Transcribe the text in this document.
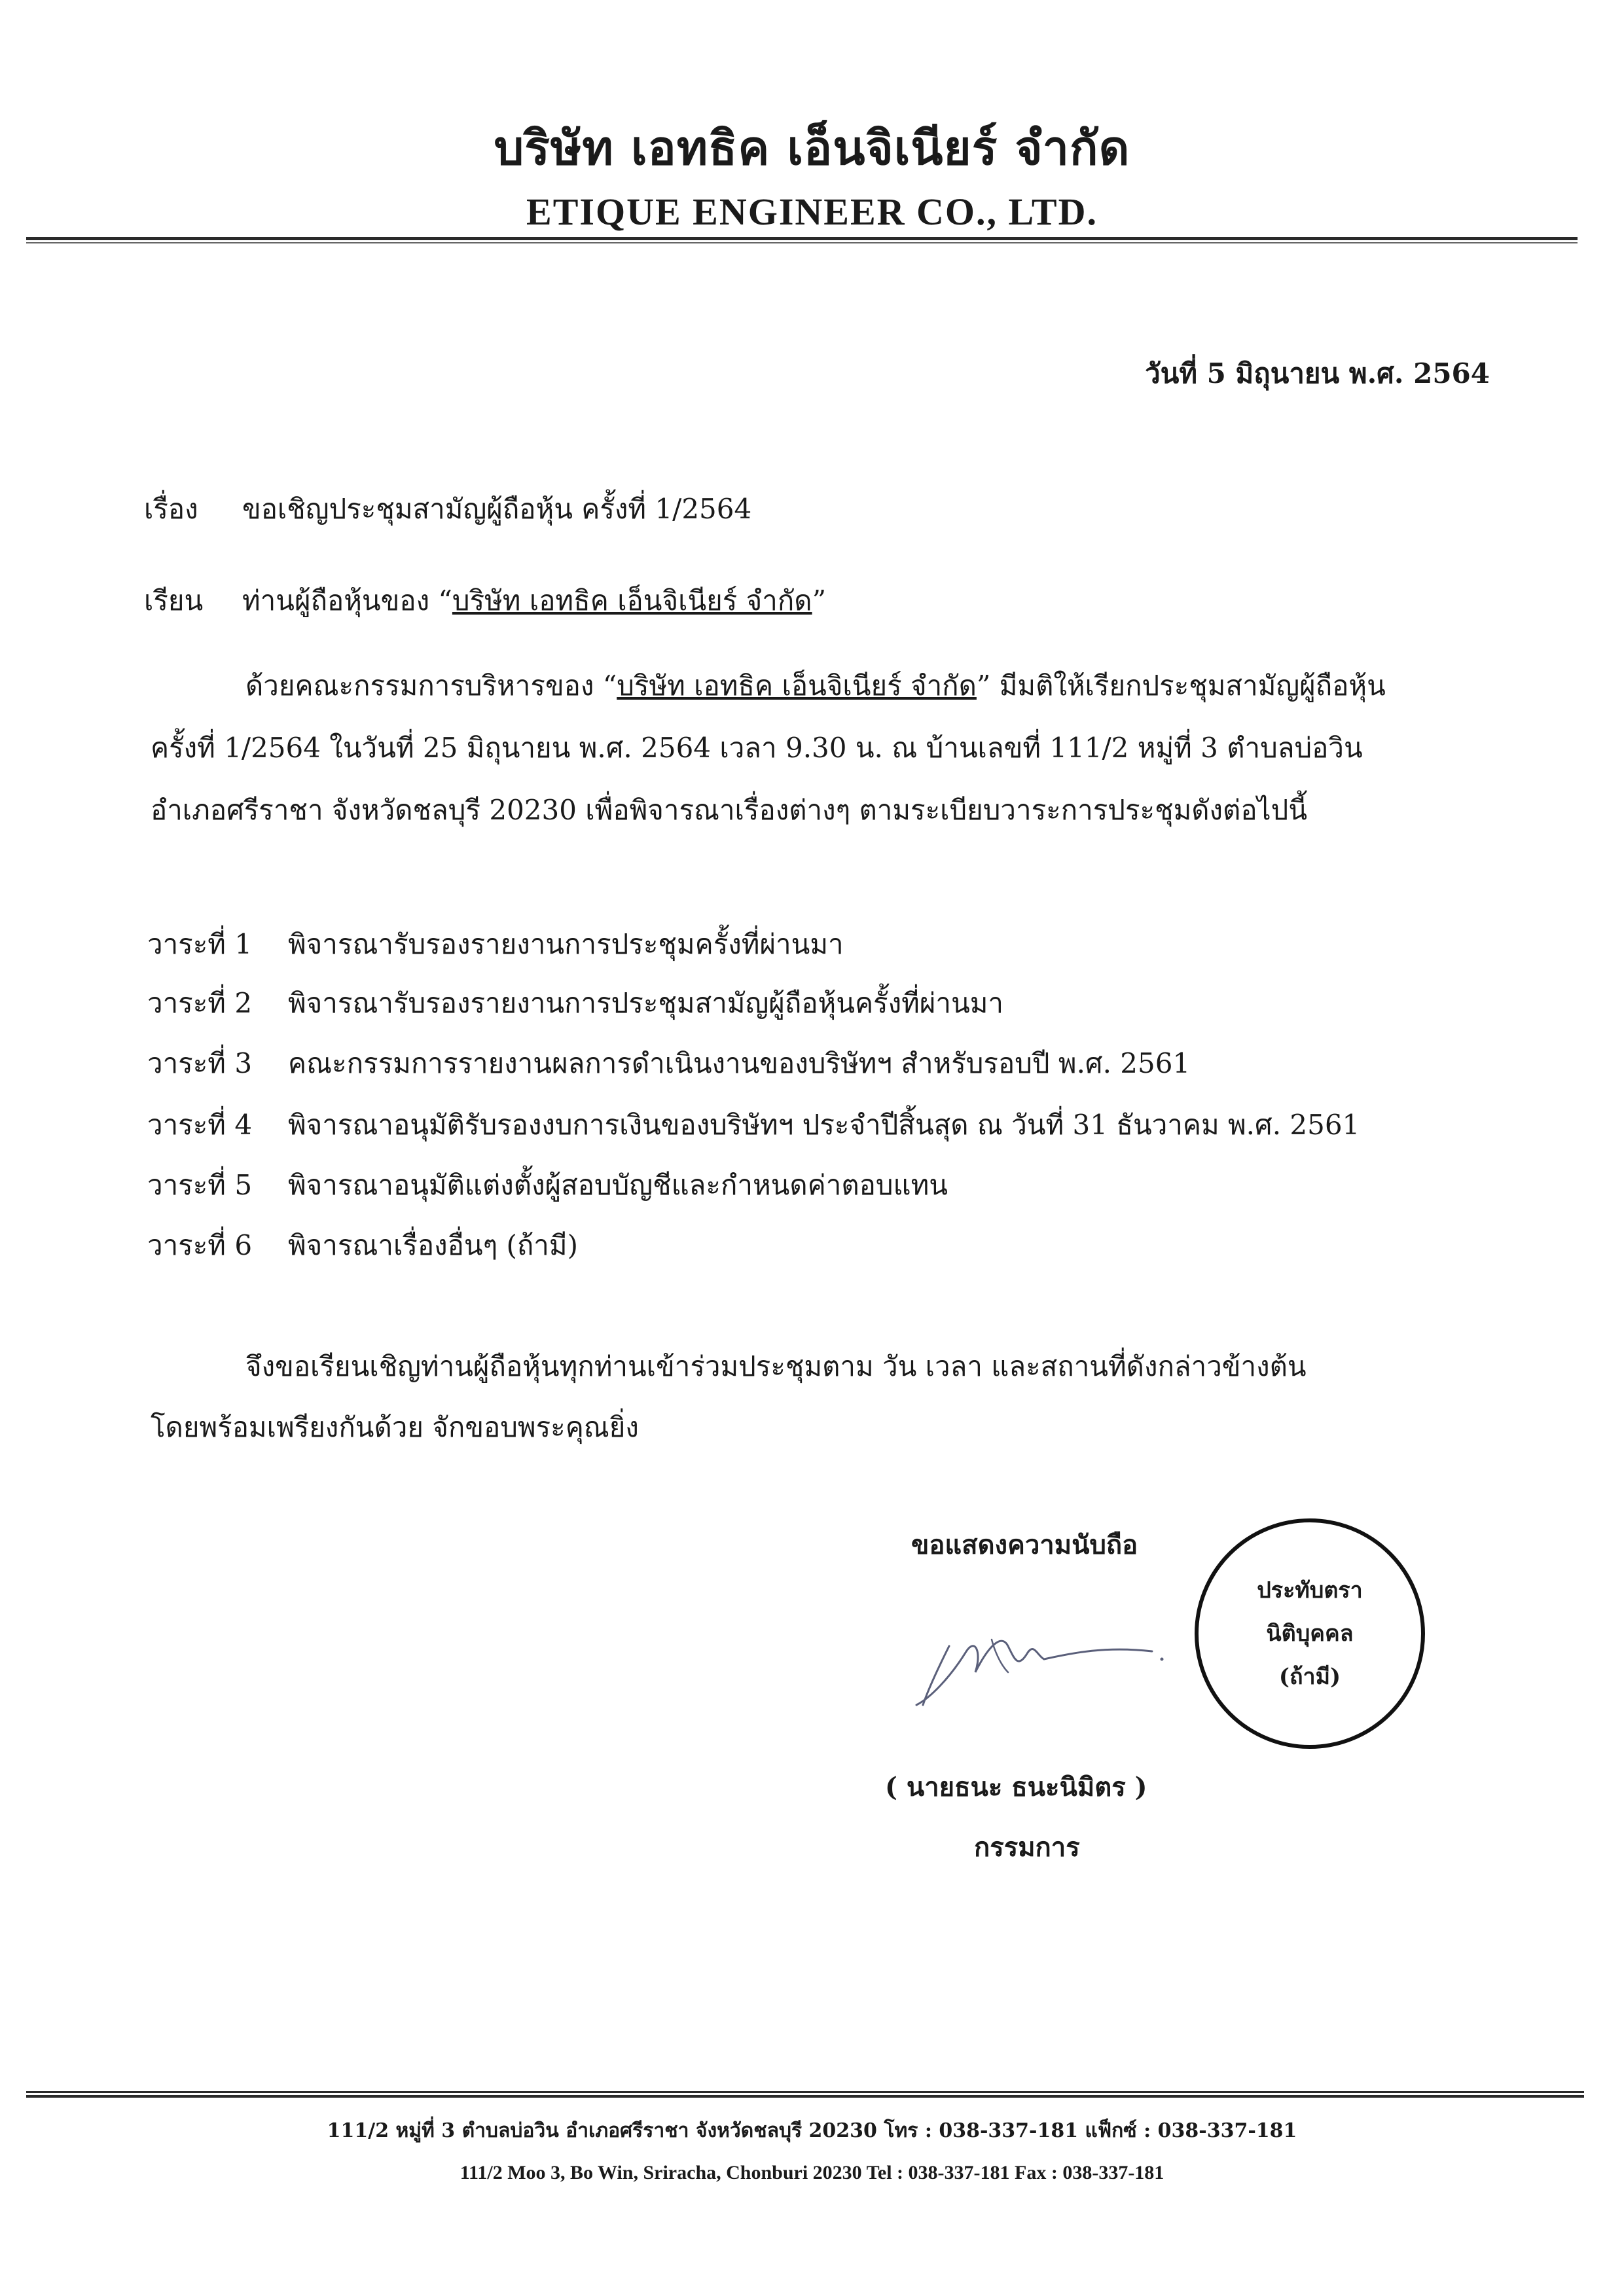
บริษัท เอทธิค เอ็นจิเนียร์ จำกัด
ETIQUE ENGINEER CO., LTD.
วันที่ 5 มิถุนายน พ.ศ. 2564
เรื่อง ขอเชิญประชุมสามัญผู้ถือหุ้น ครั้งที่ 1/2564
เรียน ท่านผู้ถือหุ้นของ “บริษัท เอทธิค เอ็นจิเนียร์ จำกัด”
ด้วยคณะกรรมการบริหารของ “บริษัท เอทธิค เอ็นจิเนียร์ จำกัด” มีมติให้เรียกประชุมสามัญผู้ถือหุ้น
ครั้งที่ 1/2564 ในวันที่ 25 มิถุนายน พ.ศ. 2564 เวลา 9.30 น. ณ บ้านเลขที่ 111/2 หมู่ที่ 3 ตำบลบ่อวิน
อำเภอศรีราชา จังหวัดชลบุรี 20230 เพื่อพิจารณาเรื่องต่างๆ ตามระเบียบวาระการประชุมดังต่อไปนี้
วาระที่ 1 พิจารณารับรองรายงานการประชุมครั้งที่ผ่านมา
วาระที่ 2 พิจารณารับรองรายงานการประชุมสามัญผู้ถือหุ้นครั้งที่ผ่านมา
วาระที่ 3 คณะกรรมการรายงานผลการดำเนินงานของบริษัทฯ สำหรับรอบปี พ.ศ. 2561
วาระที่ 4 พิจารณาอนุมัติรับรองงบการเงินของบริษัทฯ ประจำปีสิ้นสุด ณ วันที่ 31 ธันวาคม พ.ศ. 2561
วาระที่ 5 พิจารณาอนุมัติแต่งตั้งผู้สอบบัญชีและกำหนดค่าตอบแทน
วาระที่ 6 พิจารณาเรื่องอื่นๆ (ถ้ามี)
จึงขอเรียนเชิญท่านผู้ถือหุ้นทุกท่านเข้าร่วมประชุมตาม วัน เวลา และสถานที่ดังกล่าวข้างต้น
โดยพร้อมเพรียงกันด้วย จักขอบพระคุณยิ่ง
ขอแสดงความนับถือ
( นายธนะ ธนะนิมิตร )
กรรมการ
ประทับตรา
นิติบุคคล
(ถ้ามี)
111/2 หมู่ที่ 3 ตำบลบ่อวิน อำเภอศรีราชา จังหวัดชลบุรี 20230 โทร : 038-337-181 แฟ็กซ์ : 038-337-181
111/2 Moo 3, Bo Win, Sriracha, Chonburi 20230 Tel : 038-337-181 Fax : 038-337-181
